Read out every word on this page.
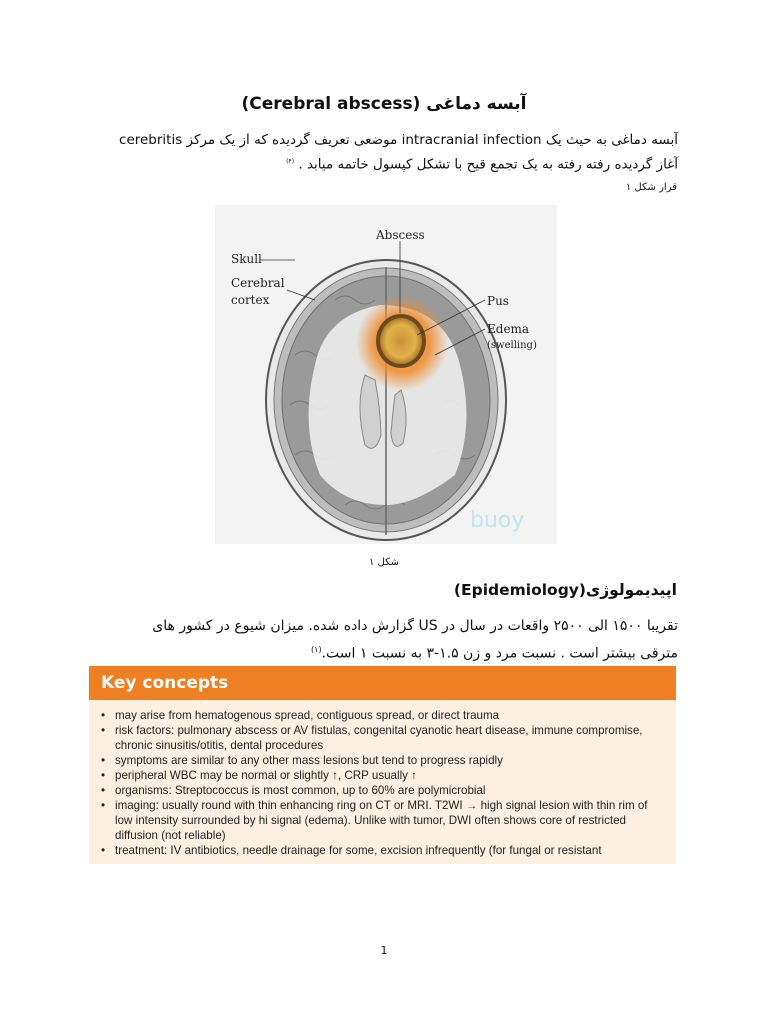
آبسه دماغی (Cerebral abscess)
آبسه دماغی به حیث یک intracranial infection موضعی تعریف گردیده که از یک مرکز cerebritis
آغاز گردیده رفته رفته به یک تجمع قیح با تشکل کپسول خاتمه میابد . $^{(۴)}$
قرار شکل ۱
Abscess
Skull
Cerebral
cortex	Pus
Edema
(swelling)
buoy
شکل ۱
اپیدیمولوژی(Epidemiology)
تقریبا ۱۵۰۰ الی ۲۵۰۰ واقعات در سال در US گزارش داده شده. میزان شیوع در کشور های
مترقی بیشتر است . نسبت مرد و زن ۱.۵-۳ به نسبت ۱ است.$^{(۱)}$
Key concepts
• may arise from hematogenous spread, contiguous spread, or direct trauma
• risk factors: pulmonary abscess or AV fistulas, congenital cyanotic heart disease, immune compromise, chronic sinusitis/otitis, dental procedures
• symptoms are similar to any other mass lesions but tend to progress rapidly
• peripheral WBC may be normal or slightly ↑, CRP usually ↑
• organisms: Streptococcus is most common, up to 60% are polymicrobial
• imaging: usually round with thin enhancing ring on CT or MRI. T2WI → high signal lesion with thin rim of low intensity surrounded by hi signal (edema). Unlike with tumor, DWI often shows core of restricted diffusion (not reliable)
• treatment: IV antibiotics, needle drainage for some, excision infrequently (for fungal or resistant
1
